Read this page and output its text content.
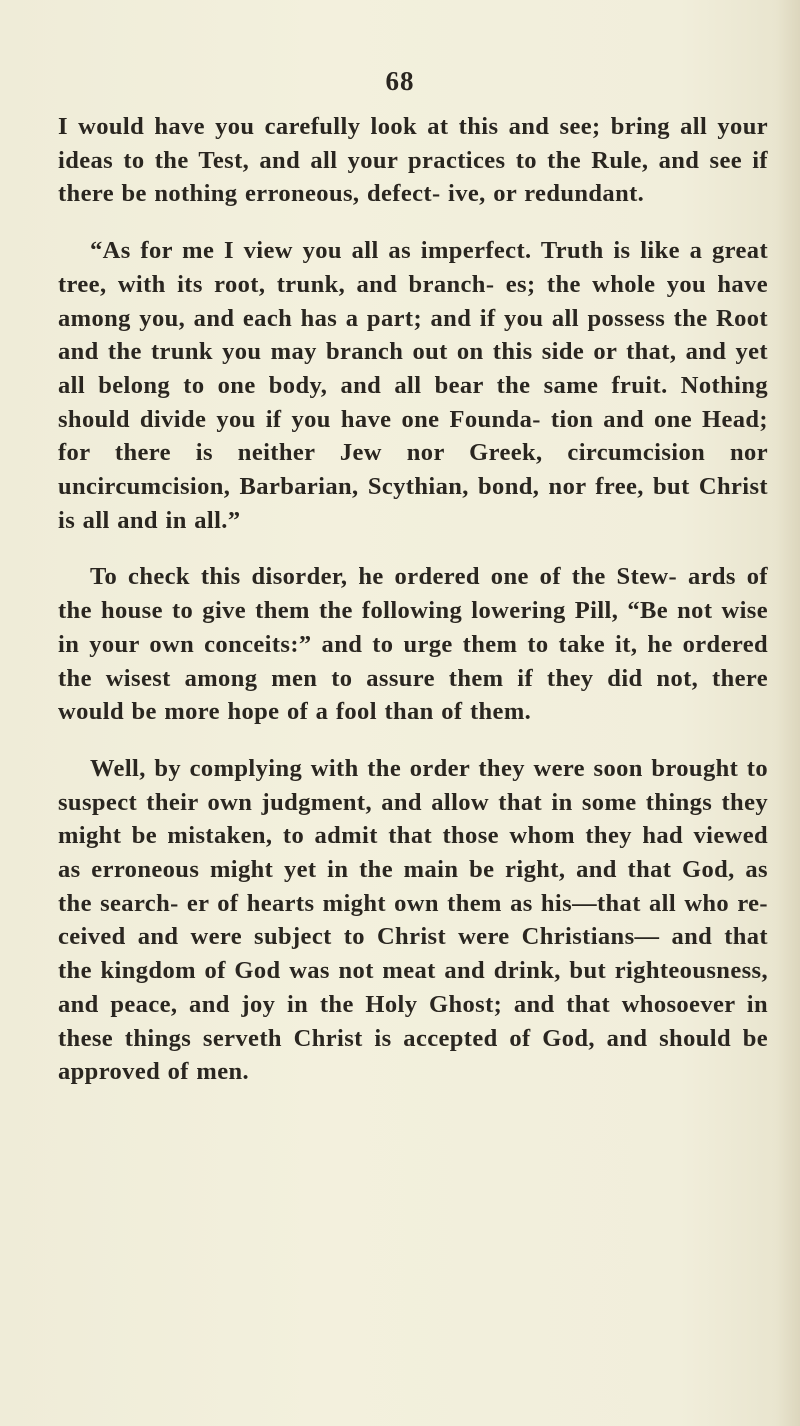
68

I would have you carefully look at this and see; bring all your ideas to the Test, and all your practices to the Rule, and see if there be nothing erroneous, defect- ive, or redundant.

“As for me I view you all as imperfect. Truth is like a great tree, with its root, trunk, and branch- es; the whole you have among you, and each has a part; and if you all possess the Root and the trunk you may branch out on this side or that, and yet all belong to one body, and all bear the same fruit. Nothing should divide you if you have one Founda- tion and one Head; for there is neither Jew nor Greek, circumcision nor uncircumcision, Barbarian, Scythian, bond, nor free, but Christ is all and in all.”

To check this disorder, he ordered one of the Stew- ards of the house to give them the following lowering Pill, “Be not wise in your own conceits:” and to urge them to take it, he ordered the wisest among men to assure them if they did not, there would be more hope of a fool than of them.

Well, by complying with the order they were soon brought to suspect their own judgment, and allow that in some things they might be mistaken, to admit that those whom they had viewed as erroneous might yet in the main be right, and that God, as the search- er of hearts might own them as his—that all who re- ceived and were subject to Christ were Christians— and that the kingdom of God was not meat and drink, but righteousness, and peace, and joy in the Holy Ghost; and that whosoever in these things serveth Christ is accepted of God, and should be approved of men.
